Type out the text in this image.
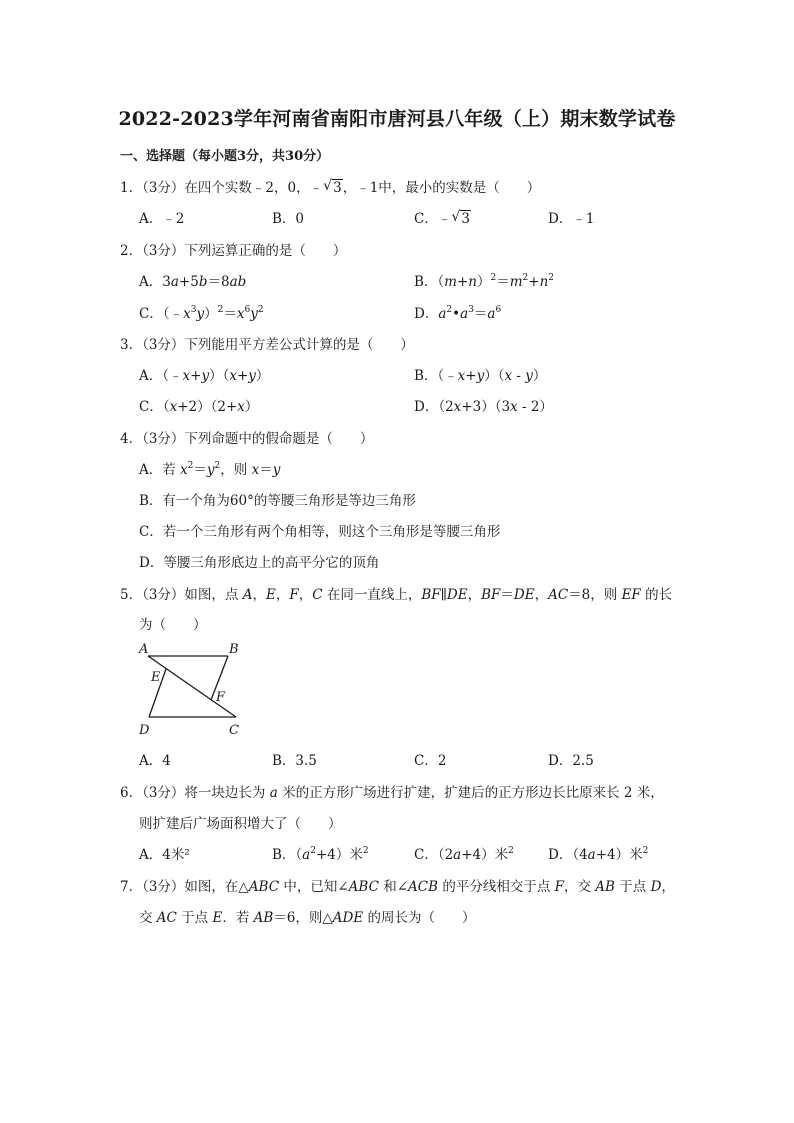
2022-2023学年河南省南阳市唐河县八年级（上）期末数学试卷
一、选择题（每小题3分，共30分）
1．（3分）在四个实数﹣2，0，﹣ √ 3，﹣1中，最小的实数是（　　）
A．﹣2	B．0	C．﹣ √ 3	D．﹣1
2．（3分）下列运算正确的是（　　）
A．3a+5b＝8ab	B．$(m+n)^2=m^2+n^2$
C．$(﹣x^3y)^2=x^6y^2$	D．$a^2•a^3=a^6$
3．（3分）下列能用平方差公式计算的是（　　）
A．（﹣x+y）（x+y）	B．（﹣x+y）（x - y）
C．（x+2）（2+x）	D．（2x+3）（3x - 2）
4．（3分）下列命题中的假命题是（　　）
A．若 $x^2=y^2$，则 x＝y
B．有一个角为60°的等腰三角形是等边三角形
C．若一个三角形有两个角相等，则这个三角形是等腰三角形
D．等腰三角形底边上的高平分它的顶角
5．（3分）如图，点 A，E，F，C 在同一直线上，BF∥DE，BF＝DE，AC＝8，则 EF 的长
为（　　）
A	B
E
F
D	C
A．4	B．3.5	C．2	D．2.5
6．（3分）将一块边长为 a 米的正方形广场进行扩建，扩建后的正方形边长比原来长 2 米，
则扩建后广场面积增大了（　　）
A．4米²	B．$(a^2+4)$米$^2$	C．（2a+4）米$^2$	D．（4a+4）米$^2$
7．（3分）如图，在△ABC 中，已知∠ABC 和∠ACB 的平分线相交于点 F，交 AB 于点 D，
交 AC 于点 E．若 AB＝6，则△ADE 的周长为（　　）
